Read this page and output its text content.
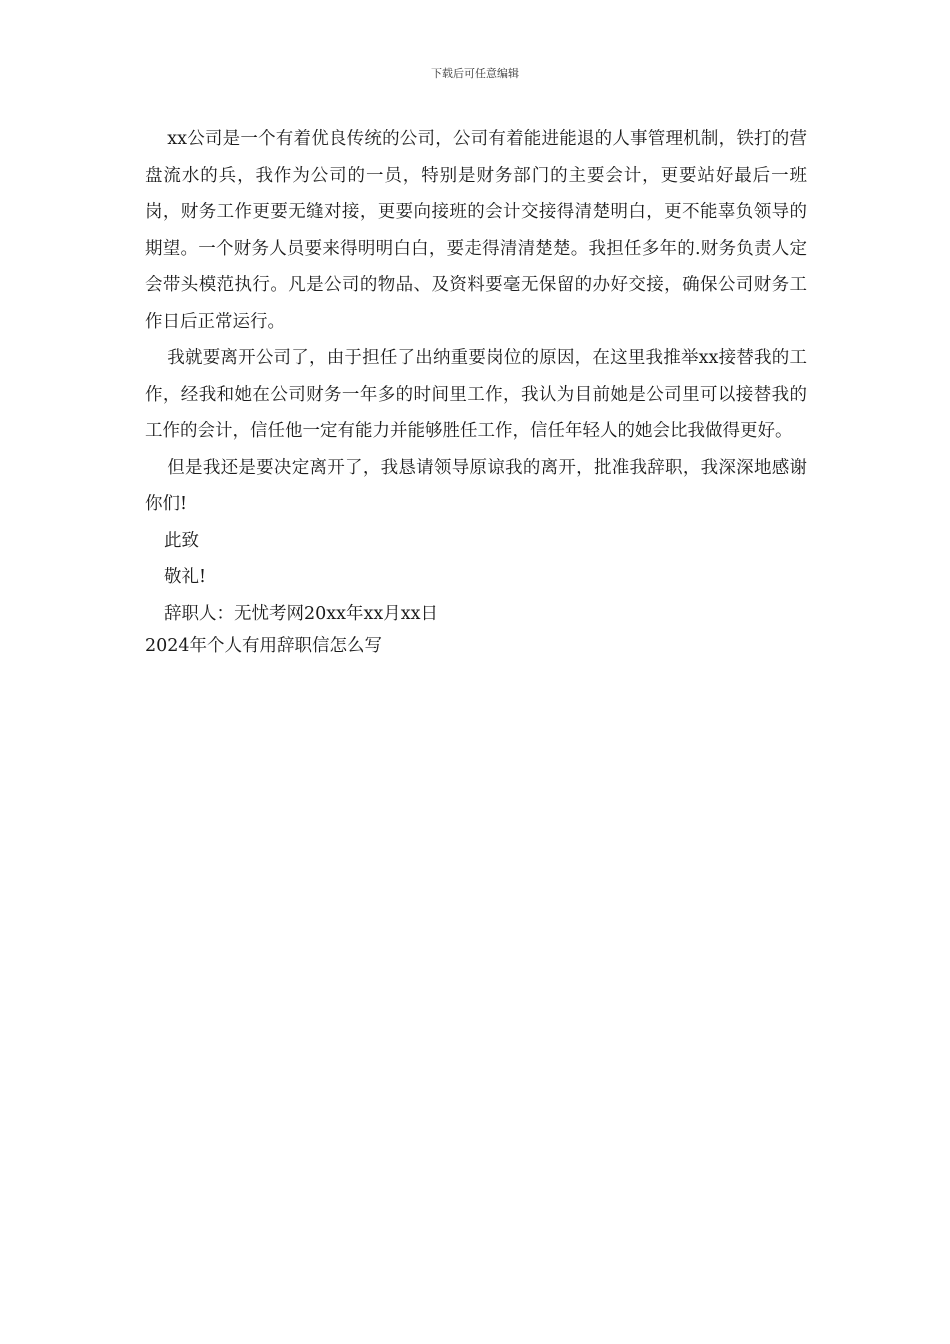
下载后可任意编辑

xx公司是一个有着优良传统的公司，公司有着能进能退的人事管理机制，铁打的营盘流水的兵，我作为公司的一员，特别是财务部门的主要会计，更要站好最后一班岗，财务工作更要无缝对接，更要向接班的会计交接得清楚明白，更不能辜负领导的期望。一个财务人员要来得明明白白，要走得清清楚楚。我担任多年的.财务负责人定会带头模范执行。凡是公司的物品、及资料要毫无保留的办好交接，确保公司财务工作日后正常运行。

我就要离开公司了，由于担任了出纳重要岗位的原因，在这里我推举xx接替我的工作，经我和她在公司财务一年多的时间里工作，我认为目前她是公司里可以接替我的工作的会计，信任他一定有能力并能够胜任工作，信任年轻人的她会比我做得更好。

但是我还是要决定离开了，我恳请领导原谅我的离开，批准我辞职，我深深地感谢你们!

此致

敬礼!

辞职人：无忧考网20xx年xx月xx日

2024年个人有用辞职信怎么写
